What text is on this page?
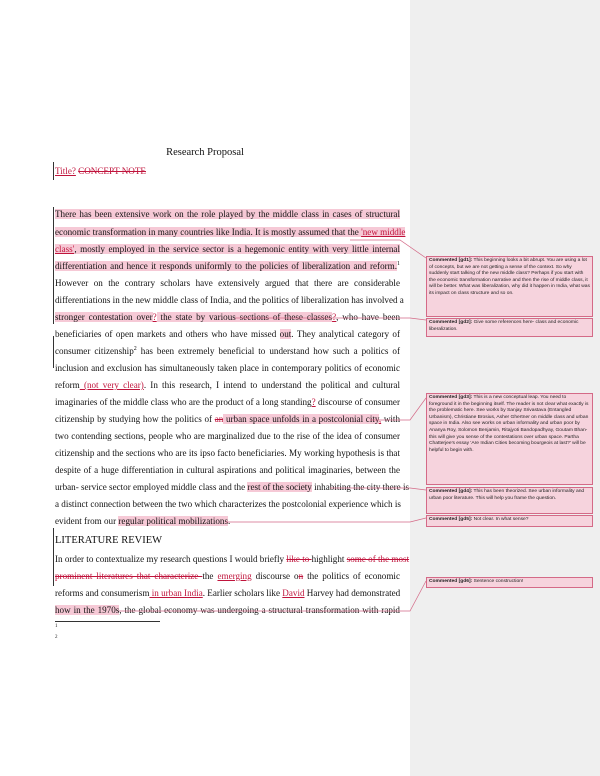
Research Proposal
Title? CONCEPT NOTE
There has been extensive work on the role played by the middle class in cases of structural
economic transformation in many countries like India. It is mostly assumed that the 'new middle
class', mostly employed in the service sector is a hegemonic entity with very little internal
differentiation and hence it responds uniformly to the policies of liberalization and reform.$^1$
However on the contrary scholars have extensively argued that there are considerable
differentiations in the new middle class of India, and the politics of liberalization has involved a
stronger contestation over? the state by various sections of these classes?, who have been
beneficiaries of open markets and others who have missed out. They analytical category of
consumer citizenship$^2$ has been extremely beneficial to understand how such a politics of
inclusion and exclusion has simultaneously taken place in contemporary politics of economic
reform (not very clear). In this research, I intend to understand the political and cultural
imaginaries of the middle class who are the product of a long standing? discourse of consumer
citizenship by studying how the politics of an urban space unfolds in a postcolonial city, with
two contending sections, people who are marginalized due to the rise of the idea of consumer
citizenship and the sections who are its ipso facto beneficiaries. My working hypothesis is that
despite of a huge differentiation in cultural aspirations and political imaginaries, between the
urban- service sector employed middle class and the rest of the society inhabiting the city there is
a distinct connection between the two which characterizes the postcolonial experience which is
evident from our regular political mobilizations.
LITERATURE REVIEW
In order to contextualize my research questions I would briefly like to highlight some of the most
prominent literatures that characterize the emerging discourse on the politics of economic
reforms and consumerism in urban India. Earlier scholars like David Harvey had demonstrated
how in the 1970s, the global economy was undergoing a structural transformation with rapid
1
2
Commented [gd1]: This beginning looks a bit abrupt. You are using a lot of concepts, but we are not getting a sense of the context. So why suddenly start talking of the new middle class? Perhaps if you start with the economic transformation narrative and then the rise of middle class, it will be better. What was liberalization, why did it happen in India, what was its impact on class structure and so on.
Commented [gd2]: Give some references here- class and economic liberalization.
Commented [gd3]: This is a new conceptual leap. You need to foreground it in the beginning itself. The reader is not clear what exactly is the problematic here. See works by Sanjay Srivastava (Entangled Urbanism), Christiane Brosius, Asher Ghertner on middle class and urban space in India. Also see works on urban informality and urban poor by Ananya Roy, Solomon Benjamin, Ritajyoti Bandopadhyay, Goutam Bhan- this will give you sense of the contestations over urban space. Partha Chatterjee's essay 'Are Indian Cities becoming bourgeois at last?' will be helpful to begin with.
Commented [gd4]: This has been theorized. See urban informality and urban poor literature. This will help you frame the question.
Commented [gd5]: Not clear. In what sense?
Commented [gd6]: Sentence construction!
